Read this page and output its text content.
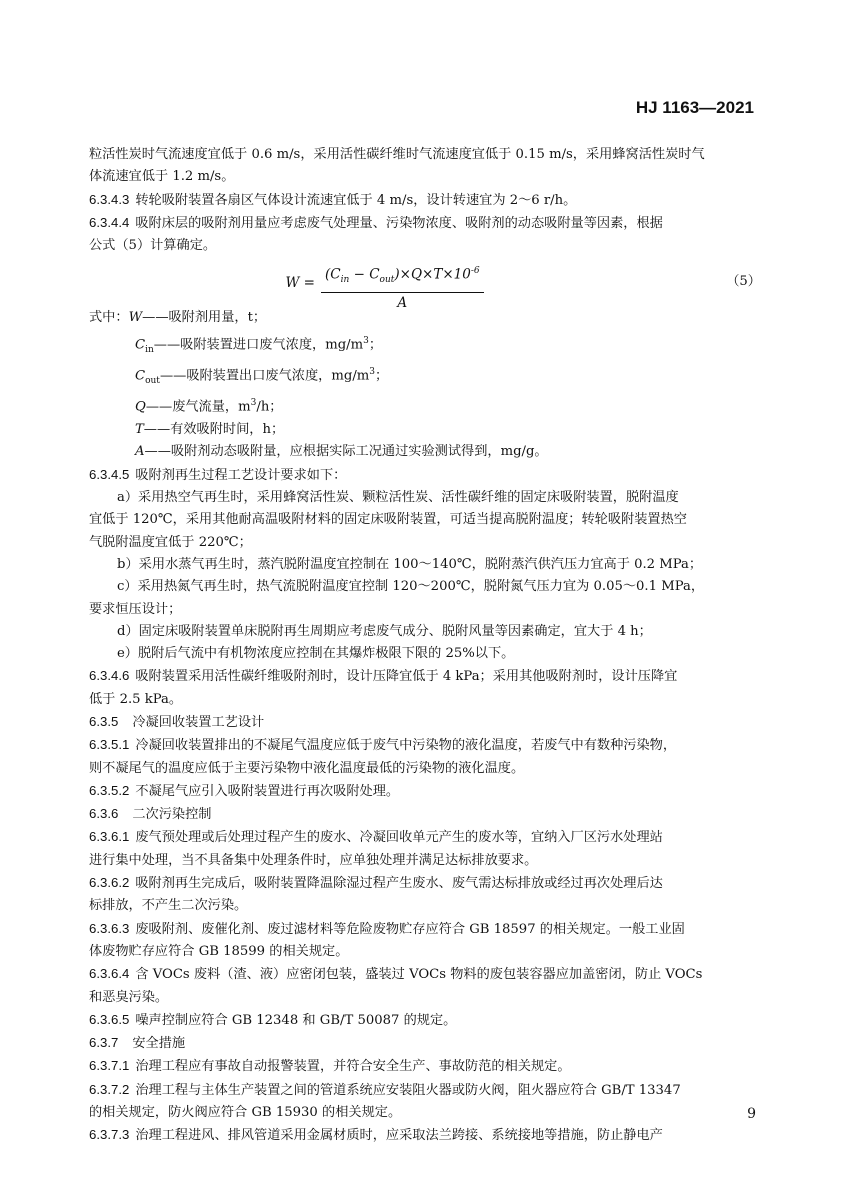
HJ 1163—2021

粒活性炭时气流速度宜低于 0.6 m/s，采用活性碳纤维时气流速度宜低于 0.15 m/s，采用蜂窝活性炭时气

体流速宜低于 1.2 m/s。

6.3.4.3 转轮吸附装置各扇区气体设计流速宜低于 4 m/s，设计转速宜为 2～6 r/h。

6.3.4.4 吸附床层的吸附剂用量应考虑废气处理量、污染物浓度、吸附剂的动态吸附量等因素，根据

公式（5）计算确定。

W =
$(C_{in} - C_{out})\times Q\times T\times 10^{-6}$
A
（5）

式中：W——吸附剂用量，t；

$C_{in}——$吸附装置进口废气浓度，$mg/m^3$；

$C_{out}——$吸附装置出口废气浓度，$mg/m^3$；

Q——废气流量，$m^3/h$；

T——有效吸附时间，h；

A——吸附剂动态吸附量，应根据实际工况通过实验测试得到，mg/g。

6.3.4.5 吸附剂再生过程工艺设计要求如下：

a）采用热空气再生时，采用蜂窝活性炭、颗粒活性炭、活性碳纤维的固定床吸附装置，脱附温度

宜低于 120℃，采用其他耐高温吸附材料的固定床吸附装置，可适当提高脱附温度；转轮吸附装置热空

气脱附温度宜低于 220℃；

b）采用水蒸气再生时，蒸汽脱附温度宜控制在 100～140℃，脱附蒸汽供汽压力宜高于 0.2 MPa；

c）采用热氮气再生时，热气流脱附温度宜控制 120～200℃，脱附氮气压力宜为 0.05～0.1 MPa，

要求恒压设计；

d）固定床吸附装置单床脱附再生周期应考虑废气成分、脱附风量等因素确定，宜大于 4 h；

e）脱附后气流中有机物浓度应控制在其爆炸极限下限的 25%以下。

6.3.4.6 吸附装置采用活性碳纤维吸附剂时，设计压降宜低于 4 kPa；采用其他吸附剂时，设计压降宜

低于 2.5 kPa。

6.3.5 冷凝回收装置工艺设计

6.3.5.1 冷凝回收装置排出的不凝尾气温度应低于废气中污染物的液化温度，若废气中有数种污染物，

则不凝尾气的温度应低于主要污染物中液化温度最低的污染物的液化温度。

6.3.5.2 不凝尾气应引入吸附装置进行再次吸附处理。

6.3.6 二次污染控制

6.3.6.1 废气预处理或后处理过程产生的废水、冷凝回收单元产生的废水等，宜纳入厂区污水处理站

进行集中处理，当不具备集中处理条件时，应单独处理并满足达标排放要求。

6.3.6.2 吸附剂再生完成后，吸附装置降温除湿过程产生废水、废气需达标排放或经过再次处理后达

标排放，不产生二次污染。

6.3.6.3 废吸附剂、废催化剂、废过滤材料等危险废物贮存应符合 GB 18597 的相关规定。一般工业固

体废物贮存应符合 GB 18599 的相关规定。

6.3.6.4 含 VOCs 废料（渣、液）应密闭包装，盛装过 VOCs 物料的废包装容器应加盖密闭，防止 VOCs

和恶臭污染。

6.3.6.5 噪声控制应符合 GB 12348 和 GB/T 50087 的规定。

6.3.7 安全措施

6.3.7.1 治理工程应有事故自动报警装置，并符合安全生产、事故防范的相关规定。

6.3.7.2 治理工程与主体生产装置之间的管道系统应安装阻火器或防火阀，阻火器应符合 GB/T 13347

的相关规定，防火阀应符合 GB 15930 的相关规定。

6.3.7.3 治理工程进风、排风管道采用金属材质时，应采取法兰跨接、系统接地等措施，防止静电产

9
